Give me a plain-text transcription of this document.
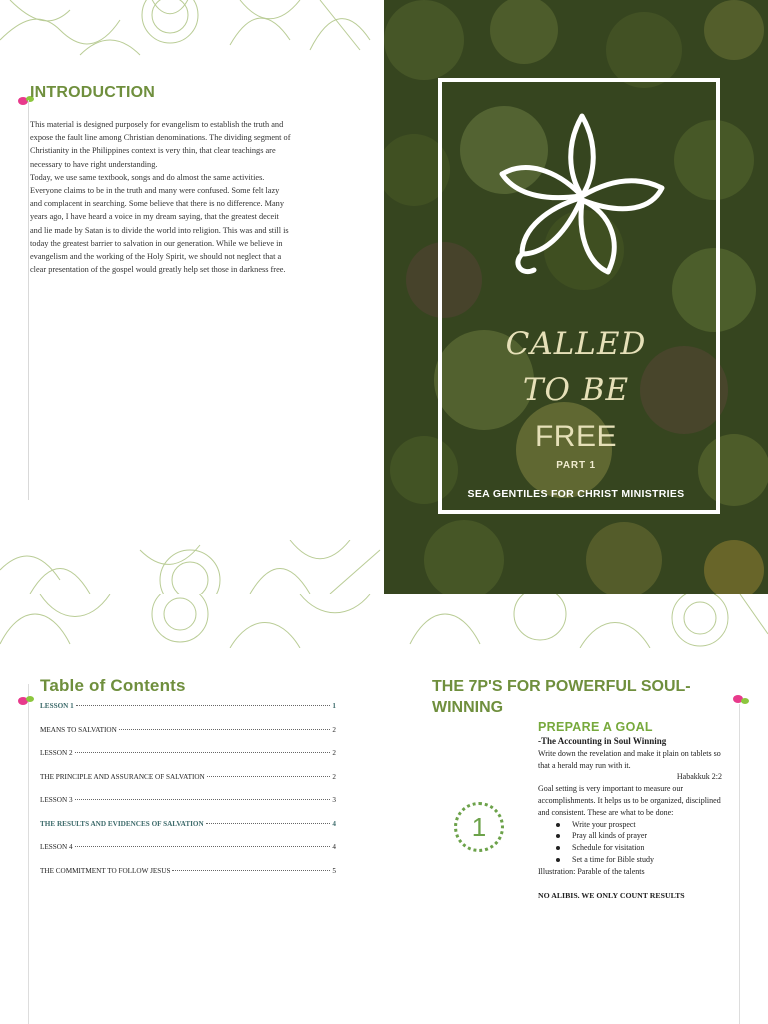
INTRODUCTION

This material is designed purposely for evangelism to establish the truth and expose the fault line among Christian denominations. The dividing segment of Christianity in the Philippines context is very thin, that clear teachings are necessary to have right understanding.

Today, we use same textbook, songs and do almost the same activities. Everyone claims to be in the truth and many were confused. Some felt lazy and complacent in searching. Some believe that there is no difference. Many years ago, I have heard a voice in my dream saying, that the greatest deceit and lie made by Satan is to divide the world into religion. This was and still is today the greatest barrier to salvation in our generation. While we believe in evangelism and the working of the Holy Spirit, we should not neglect that a clear presentation of the gospel would greatly help set those in darkness free.

CALLED
TO BE
FREE
PART 1
SEA GENTILES FOR CHRIST MINISTRIES
Table of Contents
LESSON 1	1
MEANS TO SALVATION	2
LESSON 2	2
THE PRINCIPLE AND ASSURANCE OF SALVATION	2
LESSON 3	3
THE RESULTS AND EVIDENCES OF SALVATION	4
LESSON 4	4
THE COMMITMENT TO FOLLOW JESUS	5
THE 7P'S FOR POWERFUL SOUL-WINNING
1
PREPARE A GOAL
-The Accounting in Soul Winning
Write down the revelation and make it plain on tablets so that a herald may run with it.
Habakkuk 2:2
Goal setting is very important to measure our accomplishments. It helps us to be organized, disciplined
and consistent. These are what to be done:
Write your prospect
Pray all kinds of prayer
Schedule for visitation
Set a time for Bible study
Illustration: Parable of the talents
NO ALIBIS. WE ONLY COUNT RESULTS
